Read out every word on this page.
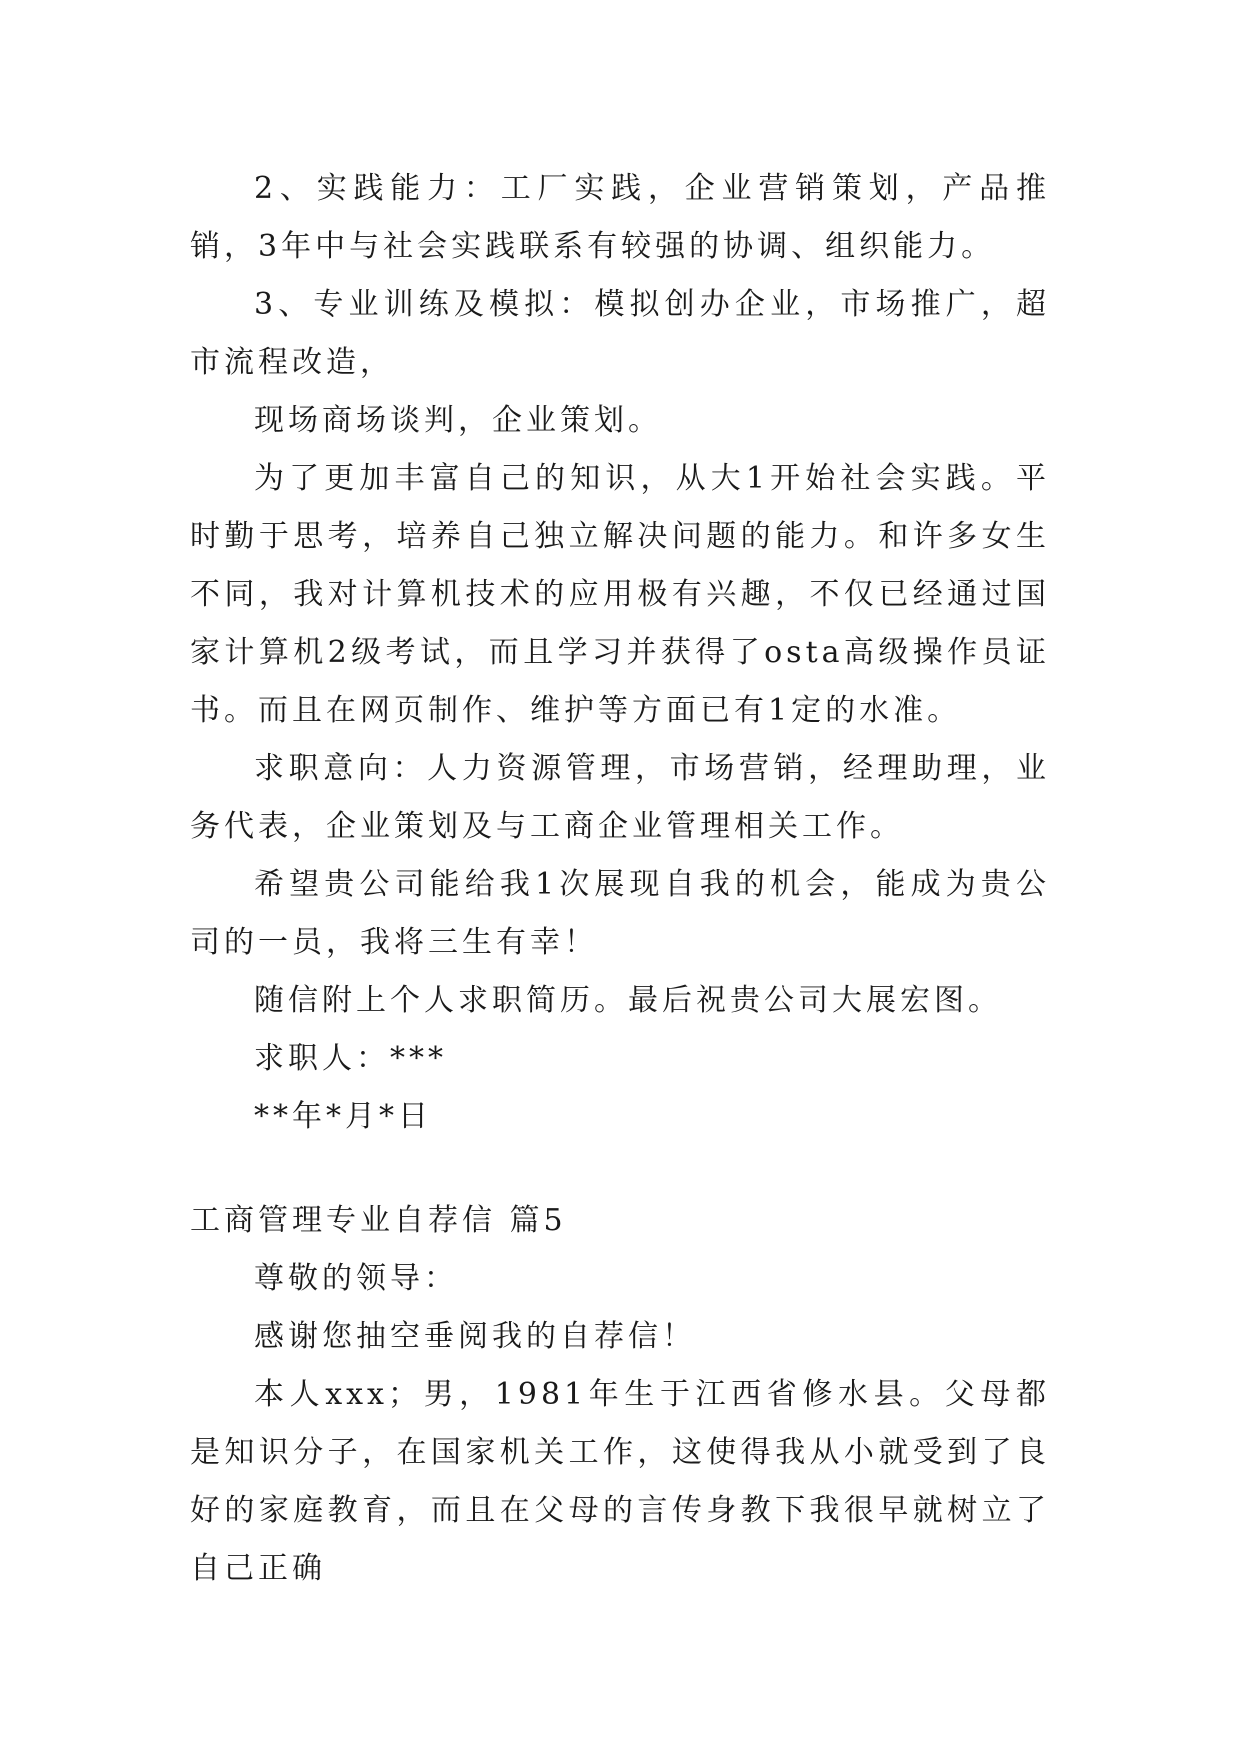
2、实践能力：工厂实践，企业营销策划，产品推销，3年中与社会实践联系有较强的协调、组织能力。

3、专业训练及模拟：模拟创办企业，市场推广，超市流程改造，

现场商场谈判，企业策划。

为了更加丰富自己的知识，从大1开始社会实践。平时勤于思考，培养自己独立解决问题的能力。和许多女生不同，我对计算机技术的应用极有兴趣，不仅已经通过国家计算机2级考试，而且学习并获得了osta高级操作员证书。而且在网页制作、维护等方面已有1定的水准。

求职意向：人力资源管理，市场营销，经理助理，业务代表，企业策划及与工商企业管理相关工作。

希望贵公司能给我1次展现自我的机会，能成为贵公司的一员，我将三生有幸！

随信附上个人求职简历。最后祝贵公司大展宏图。

求职人：***

**年*月*日

工商管理专业自荐信 篇5

尊敬的领导：

感谢您抽空垂阅我的自荐信！

本人xxx；男，1981年生于江西省修水县。父母都是知识分子，在国家机关工作，这使得我从小就受到了良好的家庭教育，而且在父母的言传身教下我很早就树立了自己正确
